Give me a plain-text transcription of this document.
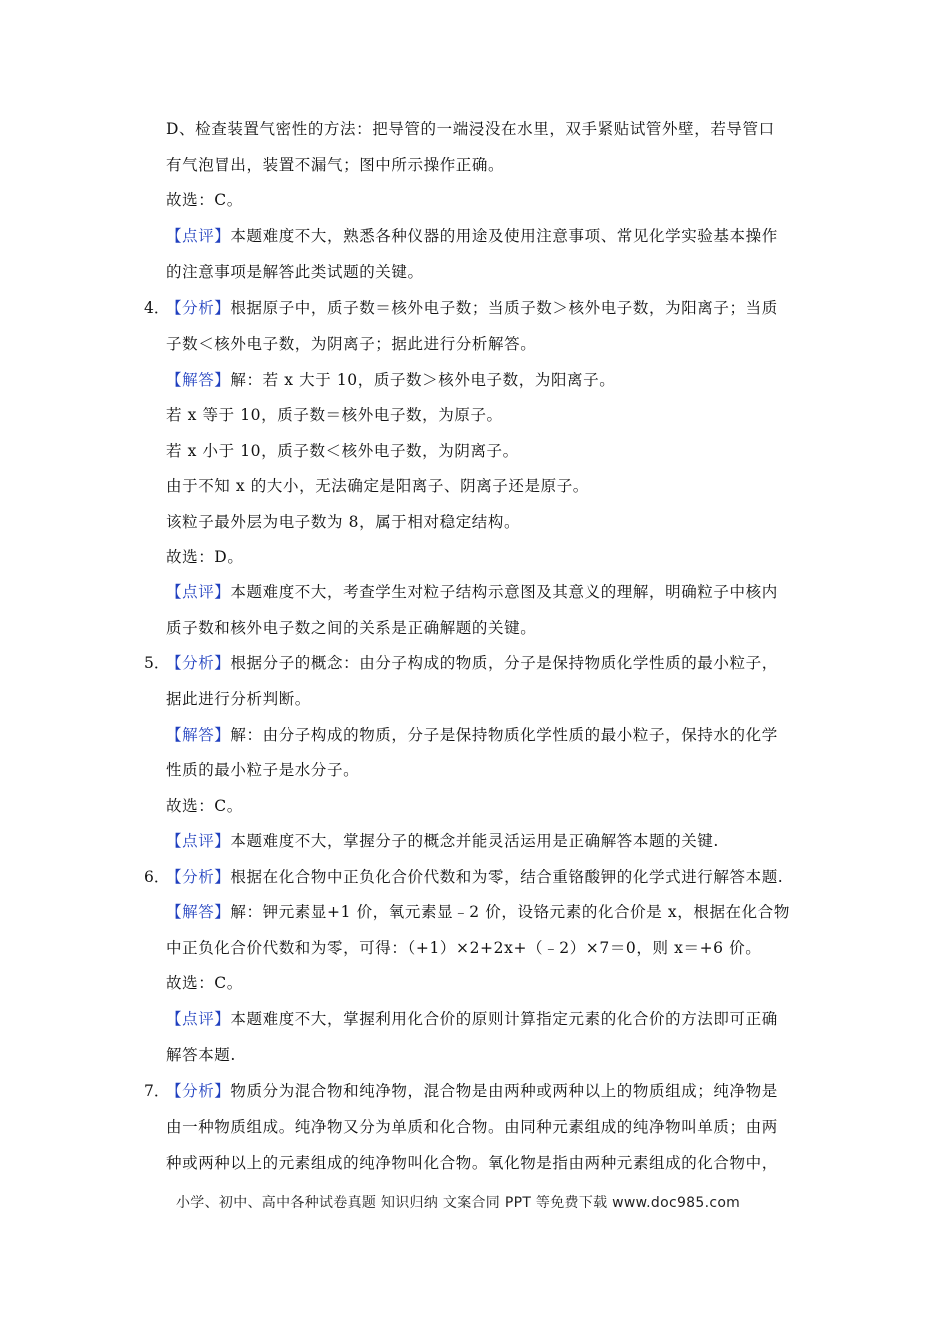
D、检查装置气密性的方法：把导管的一端浸没在水里，双手紧贴试管外壁，若导管口
有气泡冒出，装置不漏气；图中所示操作正确。
故选：C。
【点评】本题难度不大，熟悉各种仪器的用途及使用注意事项、常见化学实验基本操作
的注意事项是解答此类试题的关键。
4．
【分析】根据原子中，质子数＝核外电子数；当质子数＞核外电子数，为阳离子；当质
子数＜核外电子数，为阴离子；据此进行分析解答。
【解答】解：若 x 大于 10，质子数＞核外电子数，为阳离子。
若 x 等于 10，质子数＝核外电子数，为原子。
若 x 小于 10，质子数＜核外电子数，为阴离子。
由于不知 x 的大小，无法确定是阳离子、阴离子还是原子。
该粒子最外层为电子数为 8，属于相对稳定结构。
故选：D。
【点评】本题难度不大，考查学生对粒子结构示意图及其意义的理解，明确粒子中核内
质子数和核外电子数之间的关系是正确解题的关键。
5．
【分析】根据分子的概念：由分子构成的物质，分子是保持物质化学性质的最小粒子，
据此进行分析判断。
【解答】解：由分子构成的物质，分子是保持物质化学性质的最小粒子，保持水的化学
性质的最小粒子是水分子。
故选：C。
【点评】本题难度不大，掌握分子的概念并能灵活运用是正确解答本题的关键.
6．
【分析】根据在化合物中正负化合价代数和为零，结合重铬酸钾的化学式进行解答本题.
【解答】解：钾元素显+1 价，氧元素显﹣2 价，设铬元素的化合价是 x，根据在化合物
中正负化合价代数和为零，可得：（+1）×2+2x+（﹣2）×7＝0，则 x＝+6 价。
故选：C。
【点评】本题难度不大，掌握利用化合价的原则计算指定元素的化合价的方法即可正确
解答本题.
7．
【分析】物质分为混合物和纯净物，混合物是由两种或两种以上的物质组成；纯净物是
由一种物质组成。纯净物又分为单质和化合物。由同种元素组成的纯净物叫单质；由两
种或两种以上的元素组成的纯净物叫化合物。氧化物是指由两种元素组成的化合物中，
小学、初中、高中各种试卷真题 知识归纳 文案合同 PPT 等免费下载 www.doc985.com
